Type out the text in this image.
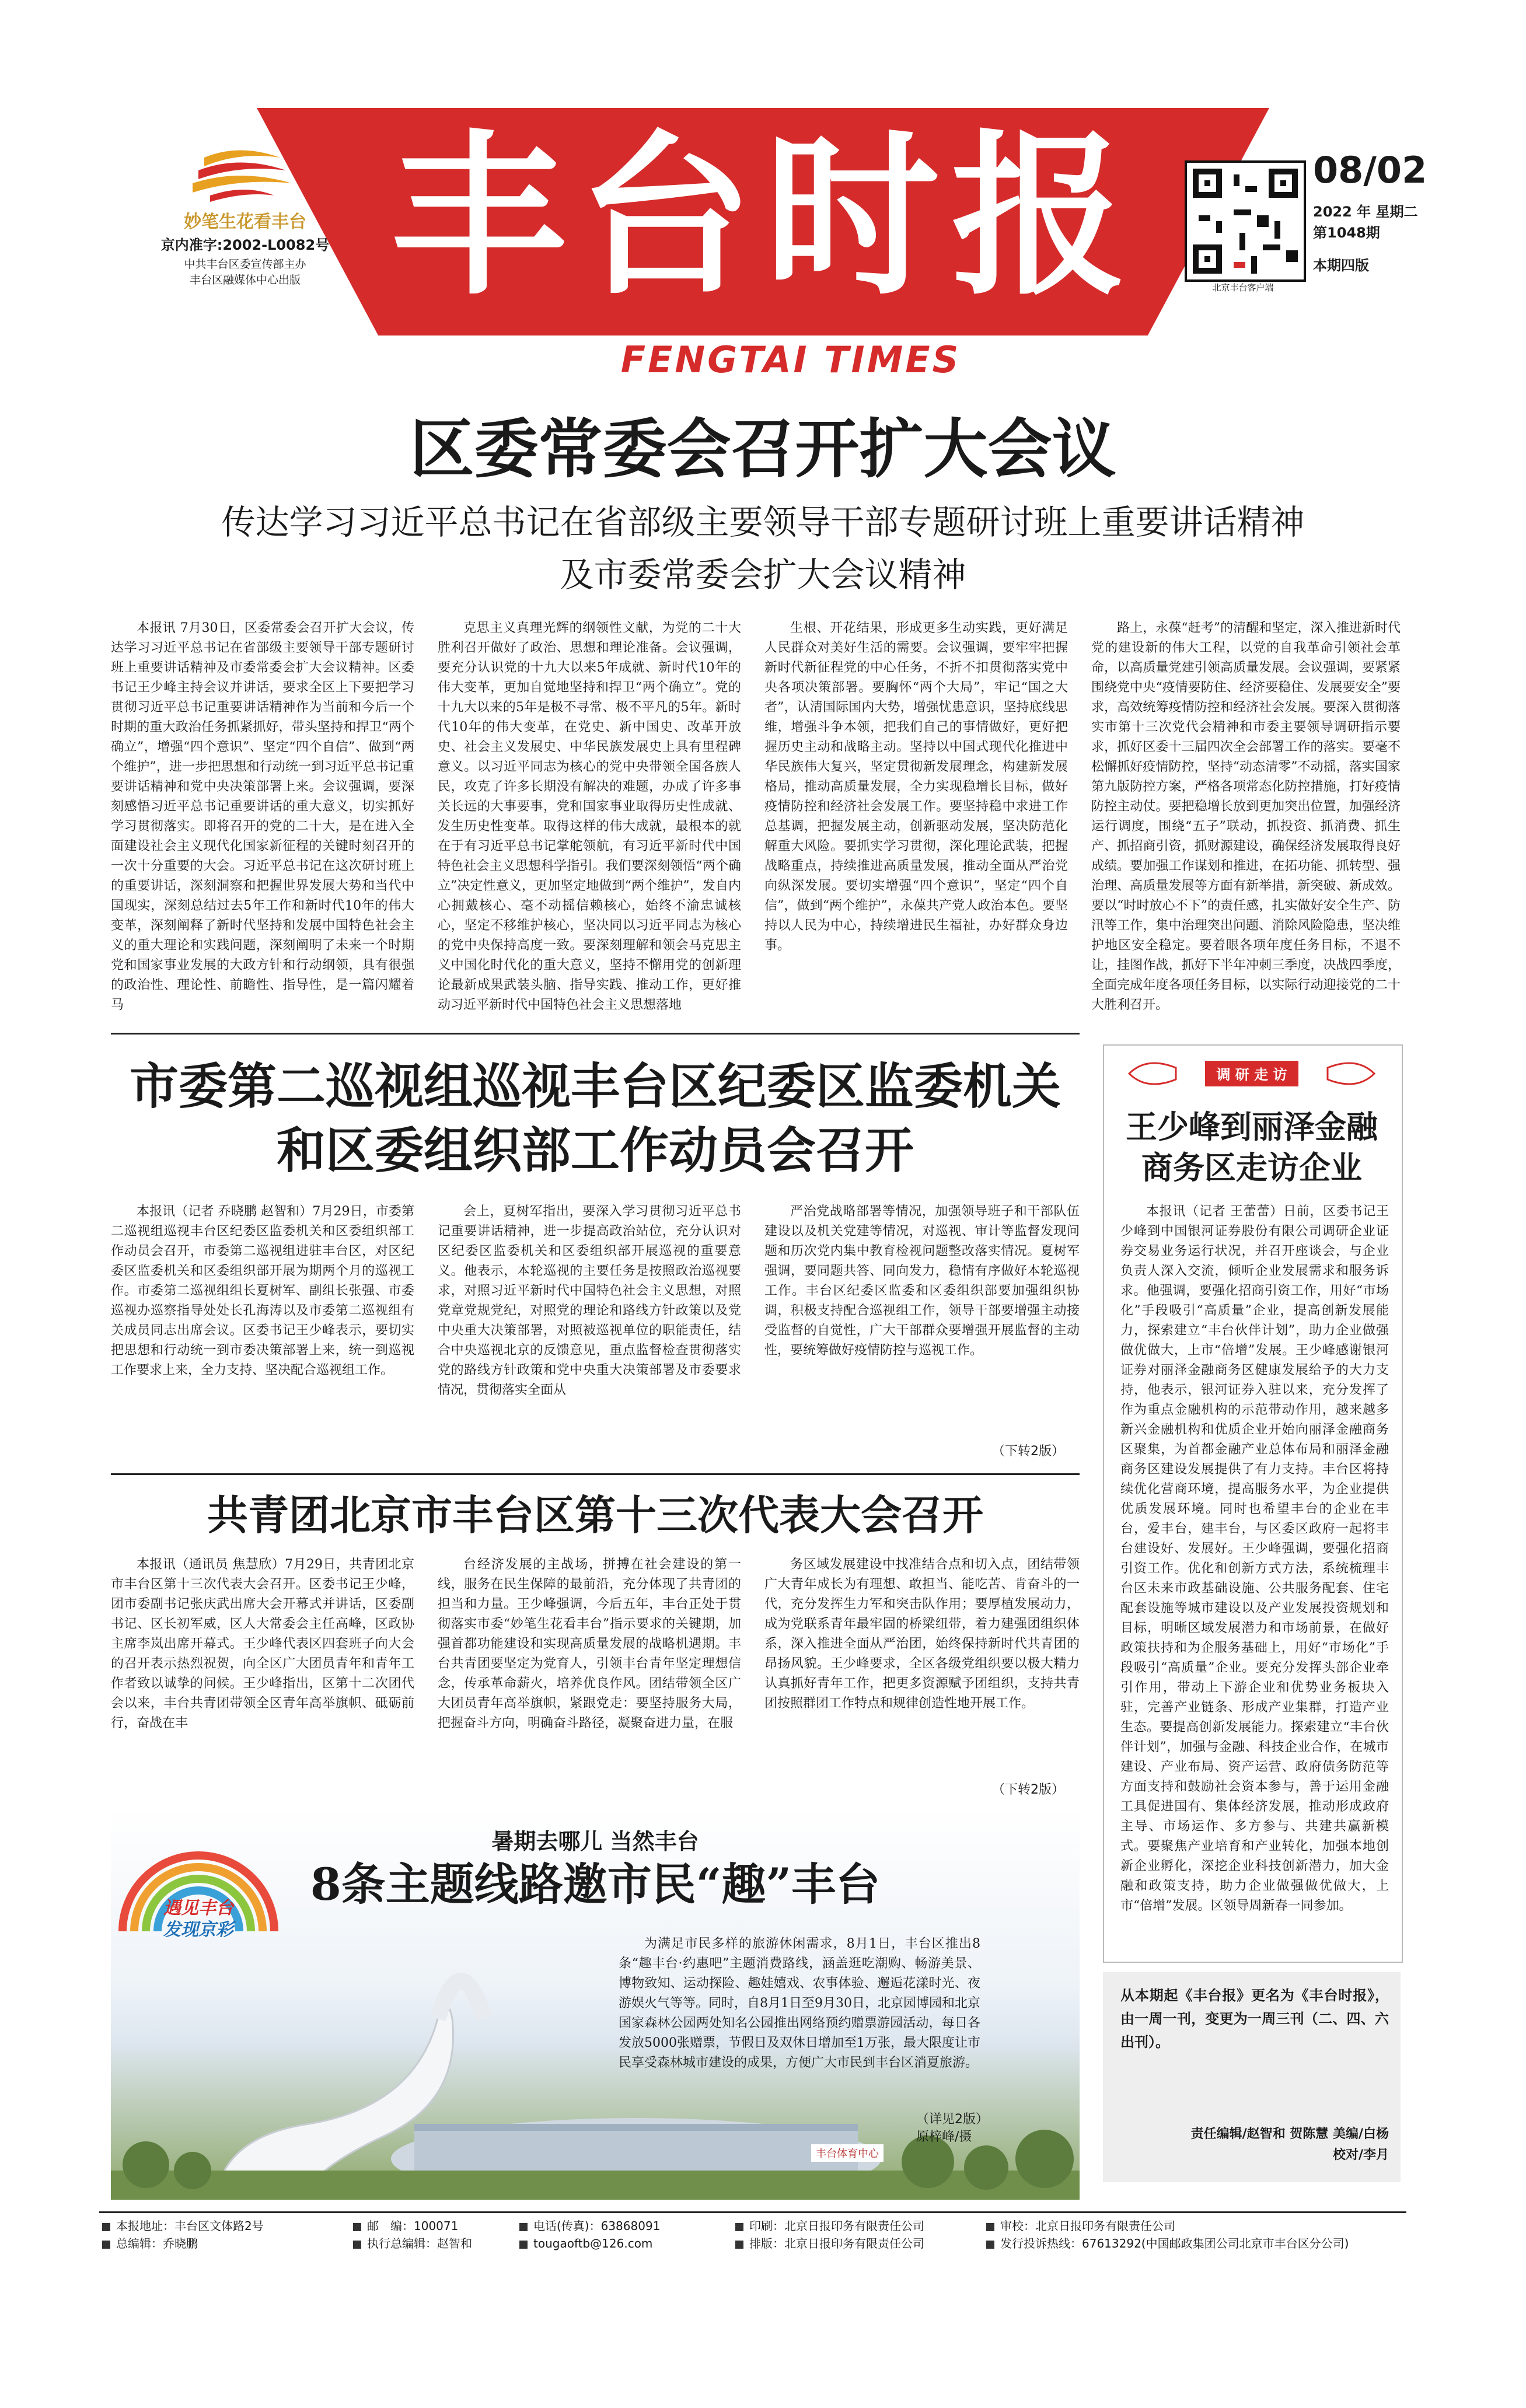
丰台时报
FENGTAI TIMES
妙笔生花看丰台
京内准字:2002-L0082号
中共丰台区委宣传部主办
丰台区融媒体中心出版
北京丰台客户端
08/02
2022 年 星期二
第1048期
本期四版
区委常委会召开扩大会议
传达学习习近平总书记在省部级主要领导干部专题研讨班上重要讲话精神
及市委常委会扩大会议精神
本报讯 7月30日，区委常委会召开扩大会议，传达学习习近平总书记在省部级主要领导干部专题研讨班上重要讲话精神及市委常委会扩大会议精神。区委书记王少峰主持会议并讲话，要求全区上下要把学习贯彻习近平总书记重要讲话精神作为当前和今后一个时期的重大政治任务抓紧抓好，带头坚持和捍卫“两个确立”，增强“四个意识”、坚定“四个自信”、做到“两个维护”，进一步把思想和行动统一到习近平总书记重要讲话精神和党中央决策部署上来。会议强调，要深刻感悟习近平总书记重要讲话的重大意义，切实抓好学习贯彻落实。即将召开的党的二十大，是在进入全面建设社会主义现代化国家新征程的关键时刻召开的一次十分重要的大会。习近平总书记在这次研讨班上的重要讲话，深刻洞察和把握世界发展大势和当代中国现实，深刻总结过去5年工作和新时代10年的伟大变革，深刻阐释了新时代坚持和发展中国特色社会主义的重大理论和实践问题，深刻阐明了未来一个时期党和国家事业发展的大政方针和行动纲领，具有很强的政治性、理论性、前瞻性、指导性，是一篇闪耀着马
克思主义真理光辉的纲领性文献，为党的二十大胜利召开做好了政治、思想和理论准备。会议强调，要充分认识党的十九大以来5年成就、新时代10年的伟大变革，更加自觉地坚持和捍卫“两个确立”。党的十九大以来的5年是极不寻常、极不平凡的5年。新时代10年的伟大变革，在党史、新中国史、改革开放史、社会主义发展史、中华民族发展史上具有里程碑意义。以习近平同志为核心的党中央带领全国各族人民，攻克了许多长期没有解决的难题，办成了许多事关长远的大事要事，党和国家事业取得历史性成就、发生历史性变革。取得这样的伟大成就，最根本的就在于有习近平总书记掌舵领航，有习近平新时代中国特色社会主义思想科学指引。我们要深刻领悟“两个确立”决定性意义，更加坚定地做到“两个维护”，发自内心拥戴核心、毫不动摇信赖核心，始终不渝忠诚核心，坚定不移维护核心，坚决同以习近平同志为核心的党中央保持高度一致。要深刻理解和领会马克思主义中国化时代化的重大意义，坚持不懈用党的创新理论最新成果武装头脑、指导实践、推动工作，更好推动习近平新时代中国特色社会主义思想落地
生根、开花结果，形成更多生动实践，更好满足人民群众对美好生活的需要。会议强调，要牢牢把握新时代新征程党的中心任务，不折不扣贯彻落实党中央各项决策部署。要胸怀“两个大局”，牢记“国之大者”，认清国际国内大势，增强忧患意识，坚持底线思维，增强斗争本领，把我们自己的事情做好，更好把握历史主动和战略主动。坚持以中国式现代化推进中华民族伟大复兴，坚定贯彻新发展理念，构建新发展格局，推动高质量发展，全力实现稳增长目标，做好疫情防控和经济社会发展工作。要坚持稳中求进工作总基调，把握发展主动，创新驱动发展，坚决防范化解重大风险。要抓实学习贯彻，深化理论武装，把握战略重点，持续推进高质量发展，推动全面从严治党向纵深发展。要切实增强“四个意识”，坚定“四个自信”，做到“两个维护”，永葆共产党人政治本色。要坚持以人民为中心，持续增进民生福祉，办好群众身边事。
路上，永葆“赶考”的清醒和坚定，深入推进新时代党的建设新的伟大工程，以党的自我革命引领社会革命，以高质量党建引领高质量发展。会议强调，要紧紧围绕党中央“疫情要防住、经济要稳住、发展要安全”要求，高效统筹疫情防控和经济社会发展。要深入贯彻落实市第十三次党代会精神和市委主要领导调研指示要求，抓好区委十三届四次全会部署工作的落实。要毫不松懈抓好疫情防控，坚持“动态清零”不动摇，落实国家第九版防控方案，严格各项常态化防控措施，打好疫情防控主动仗。要把稳增长放到更加突出位置，加强经济运行调度，围绕“五子”联动，抓投资、抓消费、抓生产、抓招商引资，抓财源建设，确保经济发展取得良好成绩。要加强工作谋划和推进，在拓功能、抓转型、强治理、高质量发展等方面有新举措，新突破、新成效。要以“时时放心不下”的责任感，扎实做好安全生产、防汛等工作，集中治理突出问题、消除风险隐患，坚决维护地区安全稳定。要着眼各项年度任务目标，不退不让，挂图作战，抓好下半年冲刺三季度，决战四季度，全面完成年度各项任务目标，以实际行动迎接党的二十大胜利召开。
市委第二巡视组巡视丰台区纪委区监委机关
和区委组织部工作动员会召开
本报讯（记者 乔晓鹏 赵智和）7月29日，市委第二巡视组巡视丰台区纪委区监委机关和区委组织部工作动员会召开，市委第二巡视组进驻丰台区，对区纪委区监委机关和区委组织部开展为期两个月的巡视工作。市委第二巡视组组长夏树军、副组长张强、市委巡视办巡察指导处处长孔海涛以及市委第二巡视组有关成员同志出席会议。区委书记王少峰表示，要切实把思想和行动统一到市委决策部署上来，统一到巡视工作要求上来，全力支持、坚决配合巡视组工作。
会上，夏树军指出，要深入学习贯彻习近平总书记重要讲话精神，进一步提高政治站位，充分认识对区纪委区监委机关和区委组织部开展巡视的重要意义。他表示，本轮巡视的主要任务是按照政治巡视要求，对照习近平新时代中国特色社会主义思想，对照党章党规党纪，对照党的理论和路线方针政策以及党中央重大决策部署，对照被巡视单位的职能责任，结合中央巡视北京的反馈意见，重点监督检查贯彻落实党的路线方针政策和党中央重大决策部署及市委要求情况，贯彻落实全面从
严治党战略部署等情况，加强领导班子和干部队伍建设以及机关党建等情况，对巡视、审计等监督发现问题和历次党内集中教育检视问题整改落实情况。夏树军强调，要同题共答、同向发力，稳情有序做好本轮巡视工作。丰台区纪委区监委和区委组织部要加强组织协调，积极支持配合巡视组工作，领导干部要增强主动接受监督的自觉性，广大干部群众要增强开展监督的主动性，要统筹做好疫情防控与巡视工作。
（下转2版）
共青团北京市丰台区第十三次代表大会召开
本报讯（通讯员 焦慧欣）7月29日，共青团北京市丰台区第十三次代表大会召开。区委书记王少峰，团市委副书记张庆武出席大会开幕式并讲话，区委副书记、区长初军威，区人大常委会主任高峰，区政协主席李岚出席开幕式。王少峰代表区四套班子向大会的召开表示热烈祝贺，向全区广大团员青年和青年工作者致以诚挚的问候。王少峰指出，区第十二次团代会以来，丰台共青团带领全区青年高举旗帜、砥砺前行，奋战在丰
台经济发展的主战场，拼搏在社会建设的第一线，服务在民生保障的最前沿，充分体现了共青团的担当和力量。王少峰强调，今后五年，丰台正处于贯彻落实市委“妙笔生花看丰台”指示要求的关键期，加强首都功能建设和实现高质量发展的战略机遇期。丰台共青团要坚定为党育人，引领丰台青年坚定理想信念，传承革命薪火，培养优良作风。团结带领全区广大团员青年高举旗帜，紧跟党走：要坚持服务大局，把握奋斗方向，明确奋斗路径，凝聚奋进力量，在服
务区域发展建设中找准结合点和切入点，团结带领广大青年成长为有理想、敢担当、能吃苦、肯奋斗的一代，充分发挥生力军和突击队作用；要厚植发展动力，成为党联系青年最牢固的桥梁纽带，着力建强团组织体系，深入推进全面从严治团，始终保持新时代共青团的昂扬风貌。王少峰要求，全区各级党组织要以极大精力认真抓好青年工作，把更多资源赋予团组织，支持共青团按照群团工作特点和规律创造性地开展工作。
（下转2版）
丰台体育中心
遇见丰台
发现京彩
暑期去哪儿 当然丰台
8条主题线路邀市民“趣”丰台
为满足市民多样的旅游休闲需求，8月1日，丰台区推出8条“趣丰台·约惠吧”主题消费路线，涵盖逛吃潮购、畅游美景、博物致知、运动探险、趣娃嬉戏、农事体验、邂逅花漾时光、夜游娱火气等等。同时，自8月1日至9月30日，北京园博园和北京国家森林公园两处知名公园推出网络预约赠票游园活动，每日各发放5000张赠票，节假日及双休日增加至1万张，最大限度让市民享受森林城市建设的成果，方便广大市民到丰台区消夏旅游。
（详见2版）
原梓峰/摄
调 研 走 访
王少峰到丽泽金融
商务区走访企业
本报讯（记者 王蕾蕾）日前，区委书记王少峰到中国银河证券股份有限公司调研企业证券交易业务运行状况，并召开座谈会，与企业负责人深入交流，倾听企业发展需求和服务诉求。他强调，要强化招商引资工作，用好“市场化”手段吸引“高质量”企业，提高创新发展能力，探索建立“丰台伙伴计划”，助力企业做强做优做大，上市“倍增”发展。王少峰感谢银河证券对丽泽金融商务区健康发展给予的大力支持，他表示，银河证券入驻以来，充分发挥了作为重点金融机构的示范带动作用，越来越多新兴金融机构和优质企业开始向丽泽金融商务区聚集，为首都金融产业总体布局和丽泽金融商务区建设发展提供了有力支持。丰台区将持续优化营商环境，提高服务水平，为企业提供优质发展环境。同时也希望丰台的企业在丰台，爱丰台，建丰台，与区委区政府一起将丰台建设好、发展好。王少峰强调，要强化招商引资工作。优化和创新方式方法，系统梳理丰台区未来市政基础设施、公共服务配套、住宅配套设施等城市建设以及产业发展投资规划和目标，明晰区域发展潜力和市场前景，在做好政策扶持和为企服务基础上，用好“市场化”手段吸引“高质量”企业。要充分发挥头部企业牵引作用，带动上下游企业和优势业务板块入驻，完善产业链条、形成产业集群，打造产业生态。要提高创新发展能力。探索建立“丰台伙伴计划”，加强与金融、科技企业合作，在城市建设、产业布局、资产运营、政府债务防范等方面支持和鼓励社会资本参与，善于运用金融工具促进国有、集体经济发展，推动形成政府主导、市场运作、多方参与、共建共赢新模式。要聚焦产业培育和产业转化，加强本地创新企业孵化，深挖企业科技创新潜力，加大金融和政策支持，助力企业做强做优做大，上市“倍增”发展。区领导周新春一同参加。
从本期起《丰台报》更名为《丰台时报》，由一周一刊，变更为一周三刊（二、四、六出刊）。
责任编辑/赵智和 贺陈慧 美编/白杨
校对/李月
本报地址：丰台区文体路2号
总编辑：乔晓鹏
邮　编：100071
执行总编辑：赵智和
电话(传真)：63868091
tougaoftb@126.com
印刷：北京日报印务有限责任公司
排版：北京日报印务有限责任公司
审校：北京日报印务有限责任公司
发行投诉热线：67613292(中国邮政集团公司北京市丰台区分公司)
